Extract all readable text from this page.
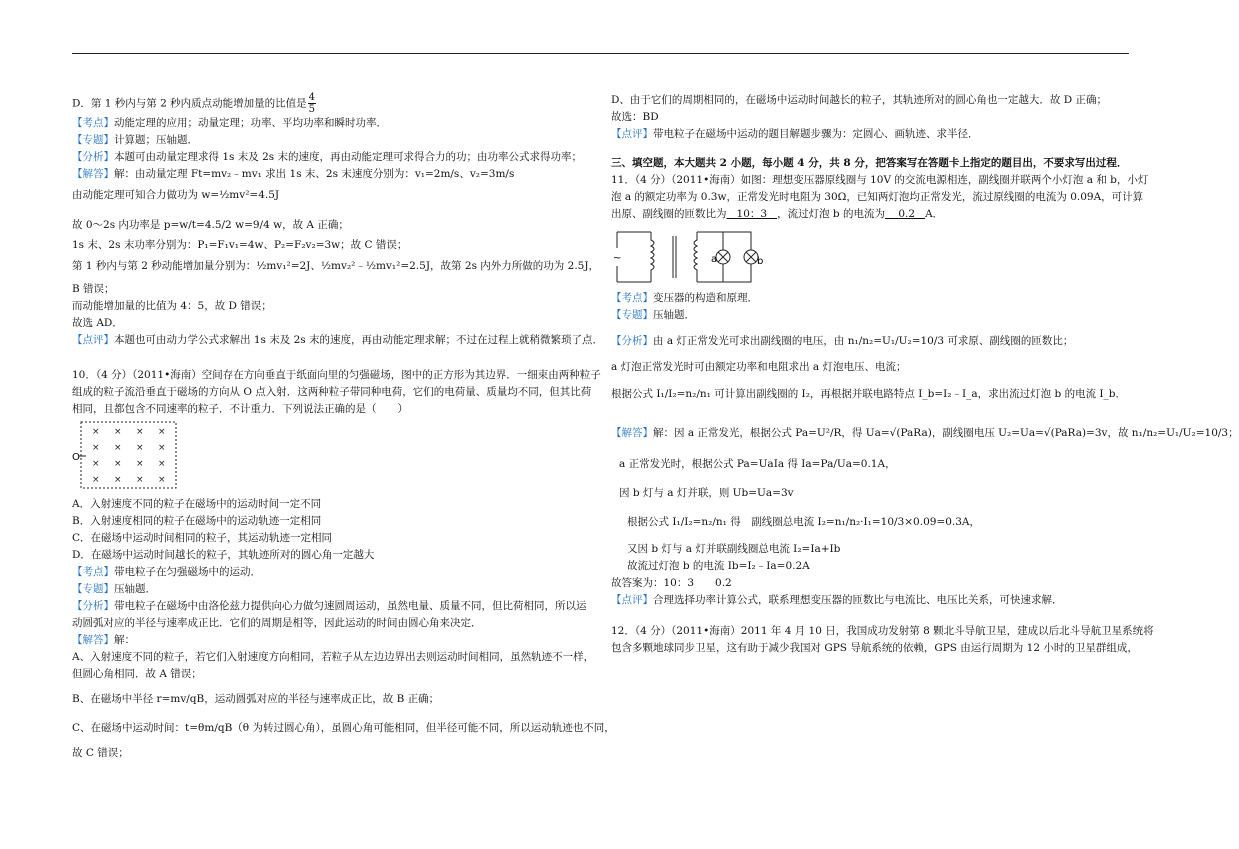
D．第 1 秒内与第 2 秒内质点动能增加量的比值是 $\frac{4}{5}$
【考点】动能定理的应用；动量定理；功率、平均功率和瞬时功率．
【专题】计算题；压轴题．
【分析】本题可由动量定理求得 1s 末及 2s 末的速度，再由动能定理可求得合力的功；由功率公式求得功率；
【解答】解：由动量定理 Ft=mv₂﹣mv₁ 求出 1s 末、2s 末速度分别为：v₁=2m/s、v₂=3m/s
由动能定理可知合力做功为 w=½mv²=4.5J
故 0～2s 内功率是 p=w/t=4.5/2 w=9/4 w，故 A 正确；
1s 末、2s 末功率分别为：P₁=F₁v₁=4w、P₂=F₂v₂=3w；故 C 错误；
第 1 秒内与第 2 秒动能增加量分别为：½mv₁²=2J、½mv₂²﹣½mv₁²=2.5J，故第 2s 内外力所做的功为 2.5J，
B 错误；
而动能增加量的比值为 4：5，故 D 错误；
故选 AD．
【点评】本题也可由动力学公式求解出 1s 末及 2s 末的速度，再由动能定理求解；不过在过程上就稍微繁琐了点．
10．（4 分）（2011•海南）空间存在方向垂直于纸面向里的匀强磁场，图中的正方形为其边界．一细束由两种粒子
组成的粒子流沿垂直于磁场的方向从 O 点入射．这两种粒子带同种电荷，它们的电荷量、质量均不同，但其比荷
相同，且都包含不同速率的粒子．不计重力．下列说法正确的是（　　）
× × × ×
× × × ×
× × × ×
× × × ×
O
A．入射速度不同的粒子在磁场中的运动时间一定不同
B．入射速度相同的粒子在磁场中的运动轨迹一定相同
C．在磁场中运动时间相同的粒子，其运动轨迹一定相同
D．在磁场中运动时间越长的粒子，其轨迹所对的圆心角一定越大
【考点】带电粒子在匀强磁场中的运动．
【专题】压轴题．
【分析】带电粒子在磁场中由洛伦兹力提供向心力做匀速圆周运动，虽然电量、质量不同，但比荷相同，所以运
动圆弧对应的半径与速率成正比．它们的周期是相等，因此运动的时间由圆心角来决定．
【解答】解：
A、入射速度不同的粒子，若它们入射速度方向相同，若粒子从左边边界出去则运动时间相同，虽然轨迹不一样，
但圆心角相同．故 A 错误；
B、在磁场中半径 r=mv/qB，运动圆弧对应的半径与速率成正比，故 B 正确；
C、在磁场中运动时间：t=θm/qB（θ 为转过圆心角），虽圆心角可能相同，但半径可能不同，所以运动轨迹也不同，
故 C 错误；
D、由于它们的周期相同的，在磁场中运动时间越长的粒子，其轨迹所对的圆心角也一定越大．故 D 正确；
故选：BD
【点评】带电粒子在磁场中运动的题目解题步骤为：定圆心、画轨迹、求半径．
三、填空题，本大题共 2 小题，每小题 4 分，共 8 分，把答案写在答题卡上指定的题目出，不要求写出过程．
11．（4 分）（2011•海南）如图：理想变压器原线圈与 10V 的交流电源相连，副线圈并联两个小灯泡 a 和 b，小灯
泡 a 的额定功率为 0.3w，正常发光时电阻为 30Ω，已知两灯泡均正常发光，流过原线圈的电流为 0.09A，可计算
出原、副线圈的匝数比为 10：3 ，流过灯泡 b 的电流为 0.2 A．
~	a	b
【考点】变压器的构造和原理．
【专题】压轴题．
【分析】由 a 灯正常发光可求出副线圈的电压，由 n₁/n₂=U₁/U₂=10/3 可求原、副线圈的匝数比；
a 灯泡正常发光时可由额定功率和电阻求出 a 灯泡电压、电流；
根据公式 I₁/I₂=n₂/n₁ 可计算出副线圈的 I₂，再根据并联电路特点 I_b=I₂﹣I_a，求出流过灯泡 b 的电流 I_b．
【解答】解：因 a 正常发光，根据公式 Pa=U²/R，得 Ua=√(PaRa)，副线圈电压 U₂=Ua=√(PaRa)=3v，故 n₁/n₂=U₁/U₂=10/3；
a 正常发光时，根据公式 Pa=UaIa 得 Ia=Pa/Ua=0.1A，
因 b 灯与 a 灯并联，则 Ub=Ua=3v
根据公式 I₁/I₂=n₂/n₁ 得　副线圈总电流 I₂=n₁/n₂·I₁=10/3×0.09=0.3A，
又因 b 灯与 a 灯并联副线圈总电流 I₂=Ia+Ib
故流过灯泡 b 的电流 Ib=I₂﹣Ia=0.2A
故答案为：10：3　　0.2
【点评】合理选择功率计算公式，联系理想变压器的匝数比与电流比、电压比关系，可快速求解．
12．（4 分）（2011•海南）2011 年 4 月 10 日，我国成功发射第 8 颗北斗导航卫星，建成以后北斗导航卫星系统将
包含多颗地球同步卫星，这有助于减少我国对 GPS 导航系统的依赖，GPS 由运行周期为 12 小时的卫星群组成，
